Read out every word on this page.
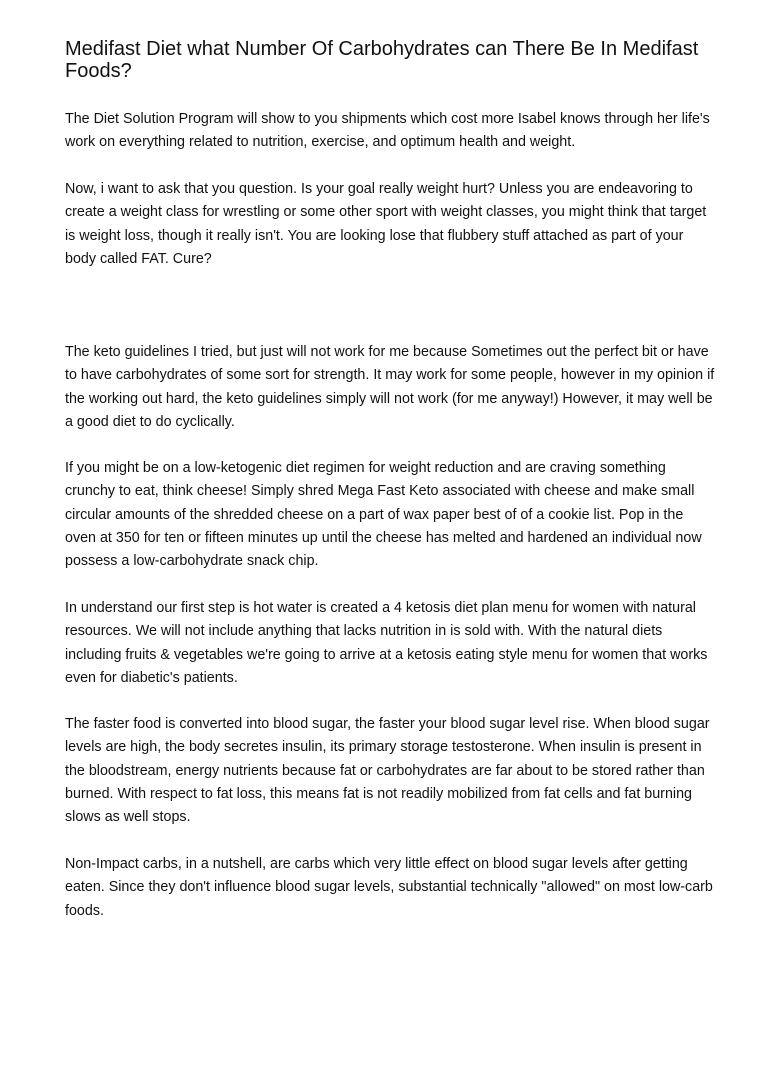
Medifast Diet what Number Of Carbohydrates can There Be In Medifast Foods?

The Diet Solution Program will show to you shipments which cost more Isabel knows through her life's work on everything related to nutrition, exercise, and optimum health and weight.

Now, i want to ask that you question. Is your goal really weight hurt? Unless you are endeavoring to create a weight class for wrestling or some other sport with weight classes, you might think that target is weight loss, though it really isn't. You are looking lose that flubbery stuff attached as part of your body called FAT. Cure?

The keto guidelines I tried, but just will not work for me because Sometimes out the perfect bit or have to have carbohydrates of some sort for strength. It may work for some people, however in my opinion if the working out hard, the keto guidelines simply will not work (for me anyway!) However, it may well be a good diet to do cyclically.

If you might be on a low-ketogenic diet regimen for weight reduction and are craving something crunchy to eat, think cheese! Simply shred Mega Fast Keto associated with cheese and make small circular amounts of the shredded cheese on a part of wax paper best of of a cookie list. Pop in the oven at 350 for ten or fifteen minutes up until the cheese has melted and hardened an individual now possess a low-carbohydrate snack chip.

In understand our first step is hot water is created a 4 ketosis diet plan menu for women with natural resources. We will not include anything that lacks nutrition in is sold with. With the natural diets including fruits & vegetables we're going to arrive at a ketosis eating style menu for women that works even for diabetic's patients.

The faster food is converted into blood sugar, the faster your blood sugar level rise. When blood sugar levels are high, the body secretes insulin, its primary storage testosterone. When insulin is present in the bloodstream, energy nutrients because fat or carbohydrates are far about to be stored rather than burned. With respect to fat loss, this means fat is not readily mobilized from fat cells and fat burning slows as well stops.

Non-Impact carbs, in a nutshell, are carbs which very little effect on blood sugar levels after getting eaten. Since they don't influence blood sugar levels, substantial technically "allowed" on most low-carb foods.
